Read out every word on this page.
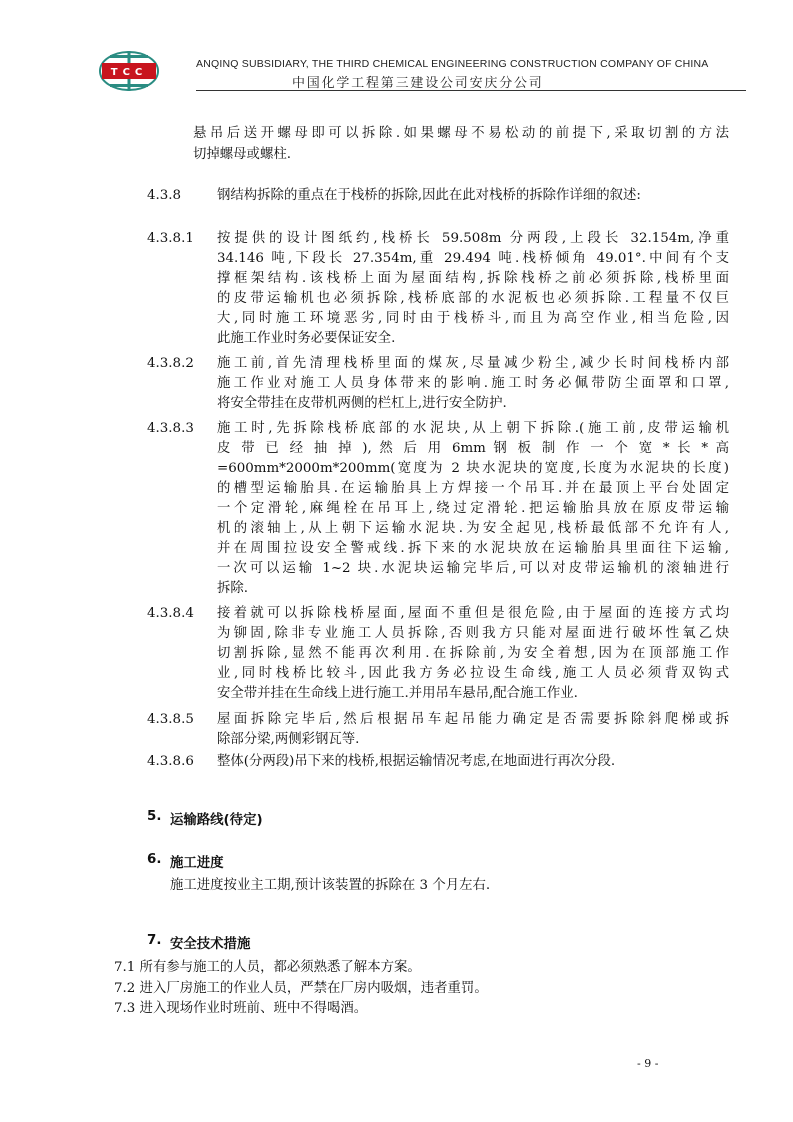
TCC
ANQINQ SUBSIDIARY, THE THIRD CHEMICAL ENGINEERING CONSTRUCTION COMPANY OF CHINA
中国化学工程第三建设公司安庆分公司
悬吊后送开螺母即可以拆除.如果螺母不易松动的前提下,采取切割的方法
切掉螺母或螺柱.
4.3.8	钢结构拆除的重点在于栈桥的拆除,因此在此对栈桥的拆除作详细的叙述:
4.3.8.1 按提供的设计图纸约,栈桥长 59.508m 分两段,上段长 32.154m,净重
34.146 吨,下段长 27.354m,重 29.494 吨.栈桥倾角 49.01°.中间有个支
撑框架结构.该栈桥上面为屋面结构,拆除栈桥之前必须拆除,栈桥里面
的皮带运输机也必须拆除,栈桥底部的水泥板也必须拆除.工程量不仅巨
大,同时施工环境恶劣,同时由于栈桥斗,而且为高空作业,相当危险,因
此施工作业时务必要保证安全.
4.3.8.2 施工前,首先清理栈桥里面的煤灰,尽量减少粉尘,减少长时间栈桥内部
施工作业对施工人员身体带来的影响.施工时务必佩带防尘面罩和口罩,
将安全带挂在皮带机两侧的栏杠上,进行安全防护.
4.3.8.3 施工时,先拆除栈桥底部的水泥块,从上朝下拆除.(施工前,皮带运输机
皮 带 已 经 抽 掉 ), 然 后 用 6mm 钢 板 制 作 一 个 宽 * 长 * 高
=600mm*2000m*200mm(宽度为 2 块水泥块的宽度,长度为水泥块的长度)
的槽型运输胎具.在运输胎具上方焊接一个吊耳.并在最顶上平台处固定
一个定滑轮,麻绳栓在吊耳上,绕过定滑轮.把运输胎具放在原皮带运输
机的滚轴上,从上朝下运输水泥块.为安全起见,栈桥最低部不允许有人,
并在周围拉设安全警戒线.拆下来的水泥块放在运输胎具里面往下运输,
一次可以运输 1~2 块.水泥块运输完毕后,可以对皮带运输机的滚轴进行
拆除.
4.3.8.4 接着就可以拆除栈桥屋面,屋面不重但是很危险,由于屋面的连接方式均
为铆固,除非专业施工人员拆除,否则我方只能对屋面进行破坏性氧乙炔
切割拆除,显然不能再次利用.在拆除前,为安全着想,因为在顶部施工作
业,同时栈桥比较斗,因此我方务必拉设生命线,施工人员必须背双钩式
安全带并挂在生命线上进行施工.并用吊车悬吊,配合施工作业.
4.3.8.5 屋面拆除完毕后,然后根据吊车起吊能力确定是否需要拆除斜爬梯或拆
除部分梁,两侧彩钢瓦等.
4.3.8.6 整体(分两段)吊下来的栈桥,根据运输情况考虑,在地面进行再次分段.
5. 运输路线(待定)
6. 施工进度
施工进度按业主工期,预计该装置的拆除在 3 个月左右.
7. 安全技术措施
7.1 所有参与施工的人员，都必须熟悉了解本方案。
7.2 进入厂房施工的作业人员，严禁在厂房内吸烟，违者重罚。
7.3 进入现场作业时班前、班中不得喝酒。
- 9 -
